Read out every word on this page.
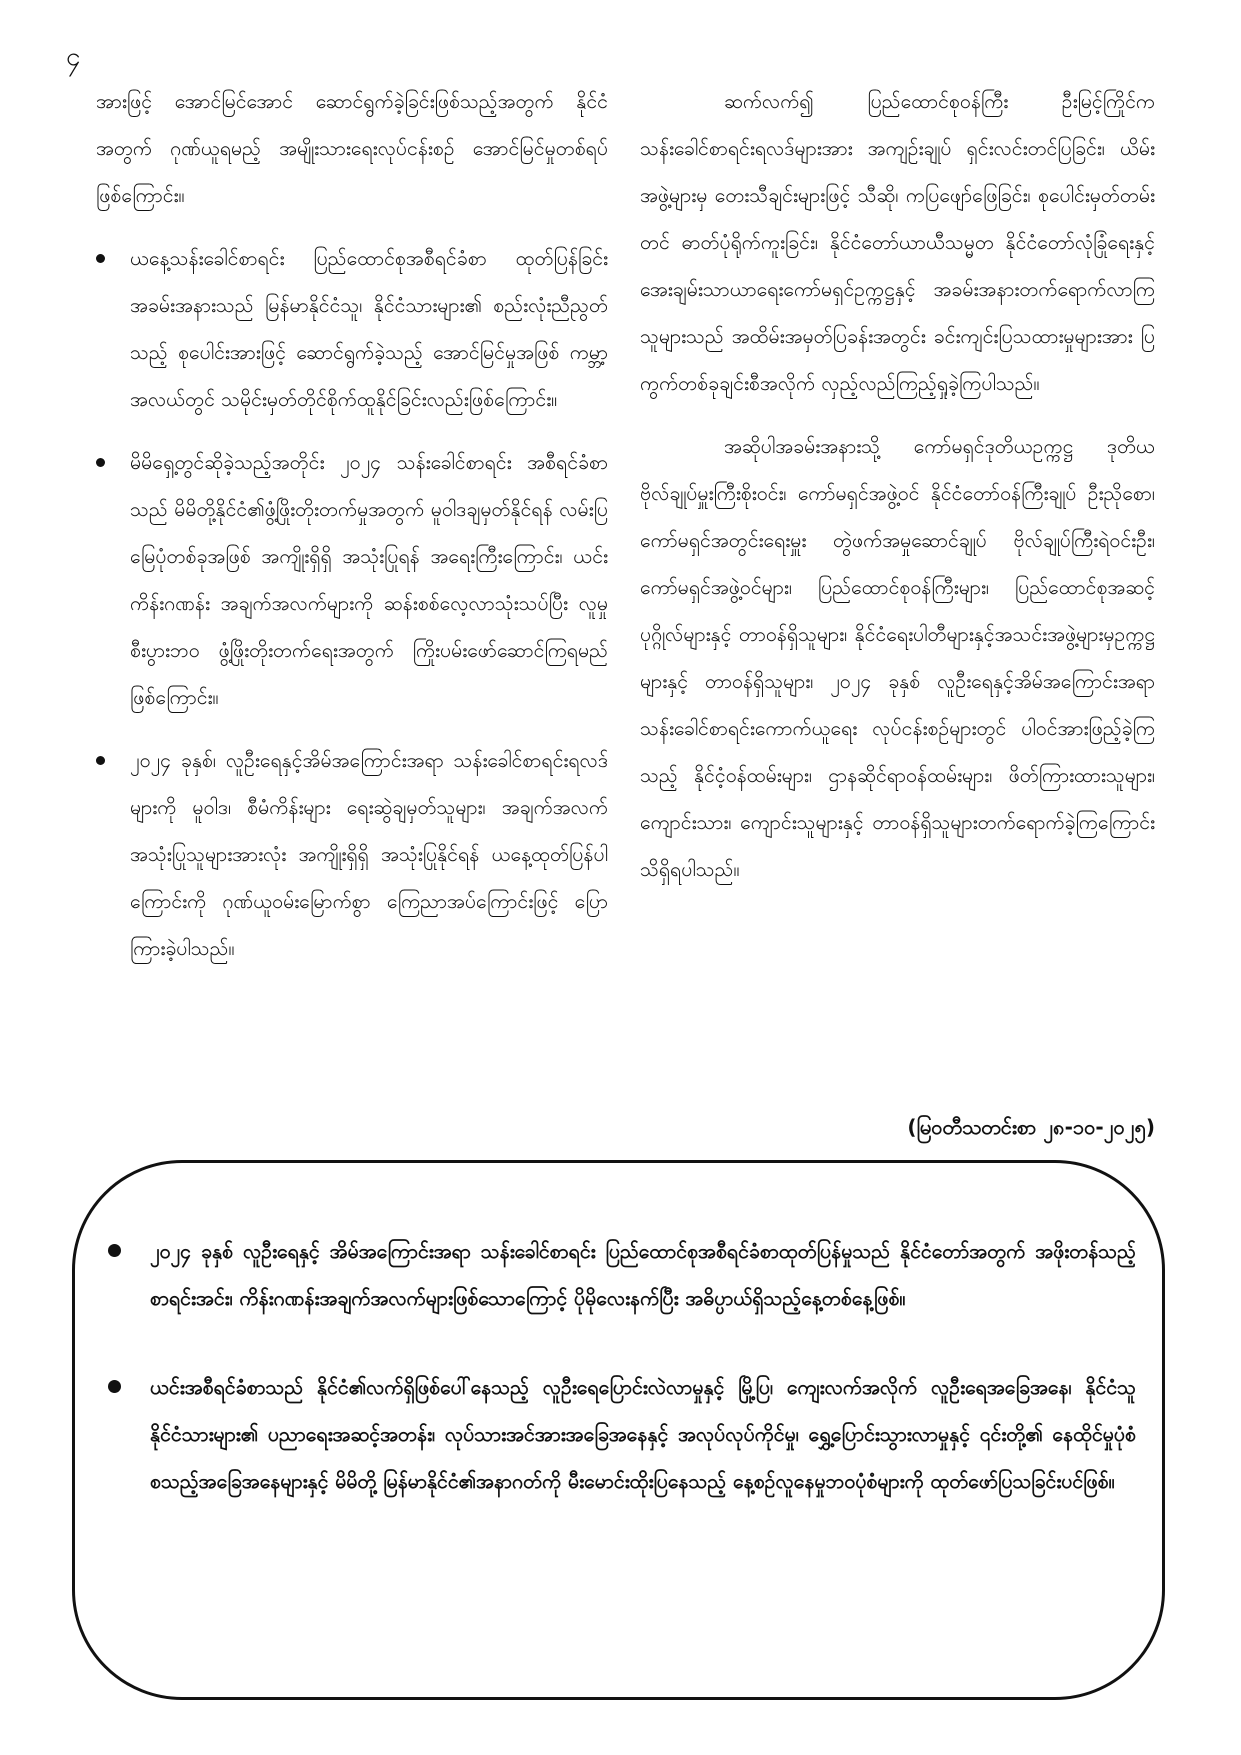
၄

အားဖြင့် အောင်မြင်အောင် ဆောင်ရွက်ခဲ့ခြင်းဖြစ်သည့်အတွက် နိုင်ငံအတွက် ဂုဏ်ယူရမည့် အမျိုးသားရေးလုပ်ငန်းစဉ် အောင်မြင်မှုတစ်ရပ်ဖြစ်ကြောင်း။

ယနေ့သန်းခေါင်စာရင်း ပြည်ထောင်စုအစီရင်ခံစာ ထုတ်ပြန်ခြင်းအခမ်းအနားသည် မြန်မာနိုင်ငံသူ၊ နိုင်ငံသားများ၏ စည်းလုံးညီညွတ်သည့် စုပေါင်းအားဖြင့် ဆောင်ရွက်ခဲ့သည့် အောင်မြင်မှုအဖြစ် ကမ္ဘာ့အလယ်တွင် သမိုင်းမှတ်တိုင်စိုက်ထူနိုင်ခြင်းလည်းဖြစ်ကြောင်း။
မိမိရှေ့တွင်ဆိုခဲ့သည့်အတိုင်း ၂၀၂၄ သန်းခေါင်စာရင်း အစီရင်ခံစာသည် မိမိတို့နိုင်ငံ၏ဖွံ့ဖြိုးတိုးတက်မှုအတွက် မူဝါဒချမှတ်နိုင်ရန် လမ်းပြမြေပုံတစ်ခုအဖြစ် အကျိုးရှိရှိ အသုံးပြုရန် အရေးကြီးကြောင်း၊ ယင်းကိန်းဂဏန်း အချက်အလက်များကို ဆန်းစစ်လေ့လာသုံးသပ်ပြီး လူမှုစီးပွားဘဝ ဖွံ့ဖြိုးတိုးတက်ရေးအတွက် ကြိုးပမ်းဖော်ဆောင်ကြရမည်ဖြစ်ကြောင်း။
၂၀၂၄ ခုနှစ်၊ လူဦးရေနှင့်အိမ်အကြောင်းအရာ သန်းခေါင်စာရင်းရလဒ်များကို မူဝါဒ၊ စီမံကိန်းများ ရေးဆွဲချမှတ်သူများ၊ အချက်အလက်အသုံးပြုသူများအားလုံး အကျိုးရှိရှိ အသုံးပြုနိုင်ရန် ယနေ့ထုတ်ပြန်ပါကြောင်းကို ဂုဏ်ယူဝမ်းမြောက်စွာ ကြေညာအပ်ကြောင်းဖြင့် ပြောကြားခဲ့ပါသည်။

ဆက်လက်၍ ပြည်ထောင်စုဝန်ကြီး ဦးမြင့်ကြိုင်က သန်းခေါင်စာရင်းရလဒ်များအား အကျဉ်းချုပ် ရှင်းလင်းတင်ပြခြင်း၊ ယိမ်းအဖွဲ့များမှ တေးသီချင်းများဖြင့် သီဆို၊ ကပြဖျော်ဖြေခြင်း၊ စုပေါင်းမှတ်တမ်းတင် ဓာတ်ပုံရိုက်ကူးခြင်း၊ နိုင်ငံတော်ယာယီသမ္မတ နိုင်ငံတော်လုံခြုံရေးနှင့် အေးချမ်းသာယာရေးကော်မရှင်ဥက္ကဋ္ဌနှင့် အခမ်းအနားတက်ရောက်လာကြသူများသည် အထိမ်းအမှတ်ပြခန်းအတွင်း ခင်းကျင်းပြသထားမှုများအား ပြကွက်တစ်ခုချင်းစီအလိုက် လှည့်လည်ကြည့်ရှုခဲ့ကြပါသည်။

အဆိုပါအခမ်းအနားသို့ ကော်မရှင်ဒုတိယဥက္ကဋ္ဌ ဒုတိယဗိုလ်ချုပ်မှူးကြီးစိုးဝင်း၊ ကော်မရှင်အဖွဲ့ဝင် နိုင်ငံတော်ဝန်ကြီးချုပ် ဦးညိုစော၊ ကော်မရှင်အတွင်းရေးမှူး တွဲဖက်အမှုဆောင်ချုပ် ဗိုလ်ချုပ်ကြီးရဲဝင်းဦး၊ ကော်မရှင်အဖွဲ့ဝင်များ၊ ပြည်ထောင်စုဝန်ကြီးများ၊ ပြည်ထောင်စုအဆင့်ပုဂ္ဂိုလ်များနှင့် တာဝန်ရှိသူများ၊ နိုင်ငံရေးပါတီများနှင့်အသင်းအဖွဲ့များမှဥက္ကဋ္ဌများနှင့် တာဝန်ရှိသူများ၊ ၂၀၂၄ ခုနှစ် လူဦးရေနှင့်အိမ်အကြောင်းအရာ သန်းခေါင်စာရင်းကောက်ယူရေး လုပ်ငန်းစဉ်များတွင် ပါဝင်အားဖြည့်ခဲ့ကြသည့် နိုင်ငံ့ဝန်ထမ်းများ၊ ဌာနဆိုင်ရာဝန်ထမ်းများ၊ ဖိတ်ကြားထားသူများ၊ ကျောင်းသား၊ ကျောင်းသူများနှင့် တာဝန်ရှိသူများတက်ရောက်ခဲ့ကြကြောင်းသိရှိရပါသည်။

(မြဝတီသတင်းစာ ၂၈-၁၀-၂၀၂၅)
၂၀၂၄ ခုနှစ် လူဦးရေနှင့် အိမ်အကြောင်းအရာ သန်းခေါင်စာရင်း ပြည်ထောင်စုအစီရင်ခံစာထုတ်ပြန်မှုသည် နိုင်ငံတော်အတွက် အဖိုးတန်သည့် စာရင်းအင်း၊ ကိန်းဂဏန်းအချက်အလက်များဖြစ်သောကြောင့် ပိုမိုလေးနက်ပြီး အဓိပ္ပာယ်ရှိသည့်နေ့တစ်နေ့ဖြစ်။
ယင်းအစီရင်ခံစာသည် နိုင်ငံ၏လက်ရှိဖြစ်ပေါ်နေသည့် လူဦးရေပြောင်းလဲလာမှုနှင့် မြို့ပြ၊ ကျေးလက်အလိုက် လူဦးရေအခြေအနေ၊ နိုင်ငံသူနိုင်ငံသားများ၏ ပညာရေးအဆင့်အတန်း၊ လုပ်သားအင်အားအခြေအနေနှင့် အလုပ်လုပ်ကိုင်မှု၊ ရွှေ့ပြောင်းသွားလာမှုနှင့် ၎င်းတို့၏ နေထိုင်မှုပုံစံ စသည့်အခြေအနေများနှင့် မိမိတို့ မြန်မာနိုင်ငံ၏အနာဂတ်ကို မီးမောင်းထိုးပြနေသည့် နေ့စဉ်လူနေမှုဘဝပုံစံများကို ထုတ်ဖော်ပြသခြင်းပင်ဖြစ်။
